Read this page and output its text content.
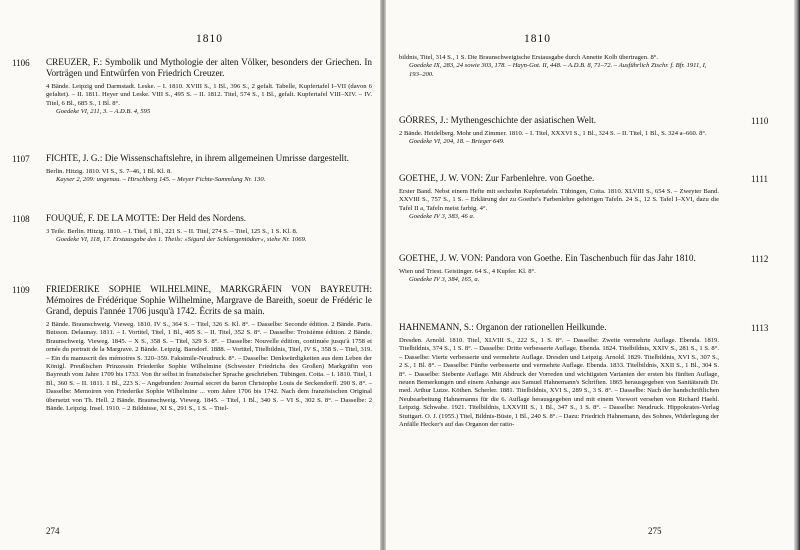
1810
1106	CREUZER, F.: Symbolik und Mythologie der alten Völker, besonders der Griechen. In Vorträgen und Entwürfen von Friedrich Creuzer.
4 Bände. Leipzig und Darmstadt. Leske. – I. 1810. XVIII S., 1 Bl., 396 S., 2 gefalt. Tabelle, Kupfertafel I–VII (davon 6 gefaltet). – II. 1811. Heyer und Leske. VIII S., 495 S. – II. 1812. Titel, 574 S., 1 Bl., gefalt. Kupfertafel VIII–XIV. – IV. Titel, 6 Bl., 685 S., 1 Bl. 8°.
Goedeke VI, 211, 3. – A.D.B. 4, 595
1107	FICHTE, J. G.: Die Wissenschaftslehre, in ihrem allgemeinen Umrisse dargestellt.
Berlin. Hitzig. 1810. VI S., S. 7–46, 1 Bl. Kl. 8.
Kayser 2, 209: ungenau. – Hirschberg 145. – Meyer Fichte-Sammlung Nr. 130.
1108	FOUQUÉ, F. DE LA MOTTE: Der Held des Nordens.
3 Teile. Berlin. Hitzig. 1810. – I. Titel, 1 Bl., 221 S. – II. Titel, 274 S. – Titel, 125 S., 1 S. Kl. 8.
Goedeke VI, 118, 17. Erstausgabe des 1. Theils: »Sigurd der Schlangentödter«, siehe Nr. 1069.
1109	FRIEDERIKE SOPHIE WILHELMINE, MARKGRÄFIN VON BAYREUTH: Mémoires de Frédérique Sophie Wilhelmine, Margrave de Bareith, soeur de Frédéric le Grand, depuis l'année 1706 jusqu'à 1742. Écrits de sa main.
2 Bände. Braunschweig. Vieweg. 1810. IV S., 364 S. – Titel, 326 S. Kl. 8°. – Dasselbe: Seconde édition. 2 Bände. Paris. Buisson. Delaunay. 1811. – I. Vortitel, Titel, 1 Bl., 405 S. – II. Titel, 352 S. 8°. – Dasselbe: Troisième édition. 2 Bände. Braunschweig. Vieweg. 1845. – X S., 358 S. – Titel, 329 S. 8°. – Dasselbe: Nouvelle édition, continuée jusqu'à 1758 et ornée du portrait de la Margrave. 2 Bände. Leipzig. Barsdorf. 1888. – Vortitel, Titelbildnis, Titel, IV S., 358 S. – Titel, 319. – Ein du manuscrit des mémoires S. 320–359. Faksimile-Neudruck. 8°. – Dasselbe: Denkwürdigkeiten aus dem Leben der Königl. Preußischen Prinzessin Friederike Sophie Wilhelmine (Schwester Friedrichs des Großen) Markgräfin von Bayreuth vom Jahre 1709 bis 1733. Von ihr selbst in französischer Sprache geschrieben. Tübingen. Cotta. – I. 1810. Titel, 1 Bl., 360 S. – II. 1811. 1 Bl., 223 S. – Angebunden: Journal secret du baron Christophe Louis de Seckendorff. 290 S. 8°. – Dasselbe: Memoiren von Friederike Sophie Wilhelmine ... vom Jahre 1706 bis 1742. Nach dem französischen Original übersetzt von Th. Hell. 2 Bände. Braunschweig. Vieweg. 1845. – Titel, 1 Bl., 340 S. – VI S., 302 S. 8°. – Dasselbe: 2 Bände. Leipzig. Insel. 1910. – 2 Bildnisse, XI S., 291 S., 1 S. – Titel-
274
1810
bildnis, Titel, 314 S., 1 S. Die Braunschweigische Erstausgabe durch Annette Kolb übertragen. 8°.
Goedeke IX, 283, 24 sowie 303, 178. – Hayn-Got. II, 448. – A.D.B. 8, 71–72. – Ausführlich Ztschr. f. Bfr. 1911, I, 193–200.
1110
GÖRRES, J.: Mythengeschichte der asiatischen Welt.
2 Bände. Heidelberg. Mohr und Zimmer. 1810. – I. Titel, XXXVI S., 1 Bl., 324 S. – II. Titel, 1 Bl., S. 324 a–660. 8°.
Goedeke VI, 204, 18. – Brieger 649.
1111
GOETHE, J. W. VON: Zur Farbenlehre. von Goethe.
Erster Band. Nebst einem Hefte mit sechzehn Kupfertafeln. Tübingen, Cotta. 1810. XLVIII S., 654 S. – Zweyter Band. XXVIII S., 757 S., 1 S. – Erklärung der zu Goethe's Farbenlehre gehörigen Tafeln. 24 S., 12 S. Tafel I–XVI, dazu die Tafel II a, Tafeln meist farbig. 4°.
Goedeke IV 3, 383, 46 a.
1112
GOETHE, J. W. VON: Pandora von Goethe. Ein Taschenbuch für das Jahr 1810.
Wien und Triest. Geistinger. 64 S., 4 Kupfer. Kl. 8°.
Goedeke IV 3, 384, 165, a.
1113
HAHNEMANN, S.: Organon der rationellen Heilkunde.
Dresden. Arnold. 1810. Titel, XLVIII S., 222 S., 1 S. 8°. – Dasselbe: Zweite vermehrte Auflage. Ebenda. 1819. Titelbildnis, 374 S., 1 S. 8°. – Dasselbe: Dritte verbesserte Auflage. Ebenda. 1824. Titelbildnis, XXIV S., 281 S., 1 S. 8°. – Dasselbe: Vierte verbesserte und vermehrte Auflage. Dresden und Leipzig. Arnold. 1829. Titelbildnis, XVI S., 307 S., 2 S., 1 Bl. 8°. – Dasselbe: Fünfte verbesserte und vermehrte Auflage. Ebenda. 1833. Titelbildnis, XXII S., 1 Bl., 304 S. 8°. – Dasselbe: Siebente Auflage. Mit Abdruck der Vorreden und wichtigsten Varianten der ersten bis fünften Auflage, neuen Bemerkungen und einem Anhange aus Samuel Hahnemann's Schriften. 1865 herausgegeben von Sanitätsrath Dr. med. Arthur Lutze. Köthen. Scherler. 1881. Titelbildnis, XVI S., 289 S., 3 S. 8°. – Dasselbe: Nach der handschriftlichen Neubearbeitung Hahnemanns für die 6. Auflage herausgegeben und mit einem Vorwort versehen von Richard Haehl. Leipzig. Schwabe. 1921. Titelbildnis, LXXVIII S., 1 Bl., 347 S., 1 S. 8°. – Dasselbe: Neudruck. Hippokrates-Verlag Stuttgart. O. J. (1955.) Titel, Bildnis-Büste, 1 Bl., 240 S. 8°. – Dazu: Friedrich Hahnemann, des Sohnes, Widerlegung der Anfälle Hecker's auf das Organon der ratio-
275
